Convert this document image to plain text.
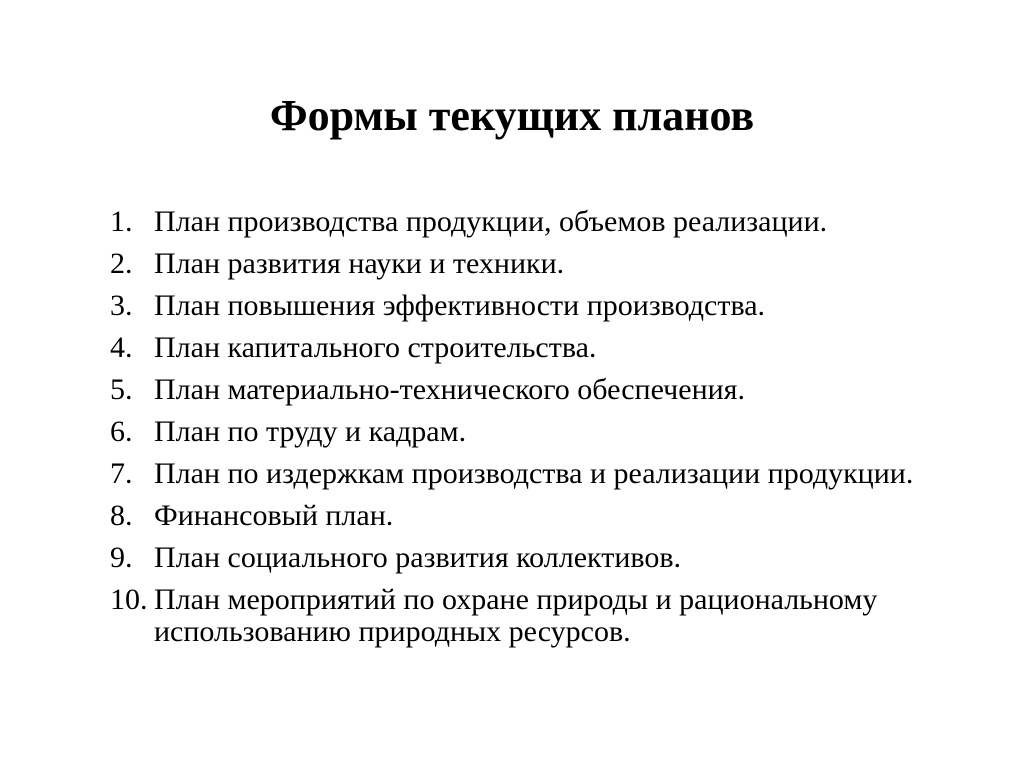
Формы текущих планов
1. План производства продукции, объемов реализации.
2. План развития науки и техники.
3. План повышения эффективности производства.
4. План капитального строительства.
5. План материально-технического обеспечения.
6. План по труду и кадрам.
7. План по издержкам производства и реализации продукции.
8. Финансовый план.
9. План социального развития коллективов.
10. План мероприятий по охране природы и рациональному использованию природных ресурсов.
